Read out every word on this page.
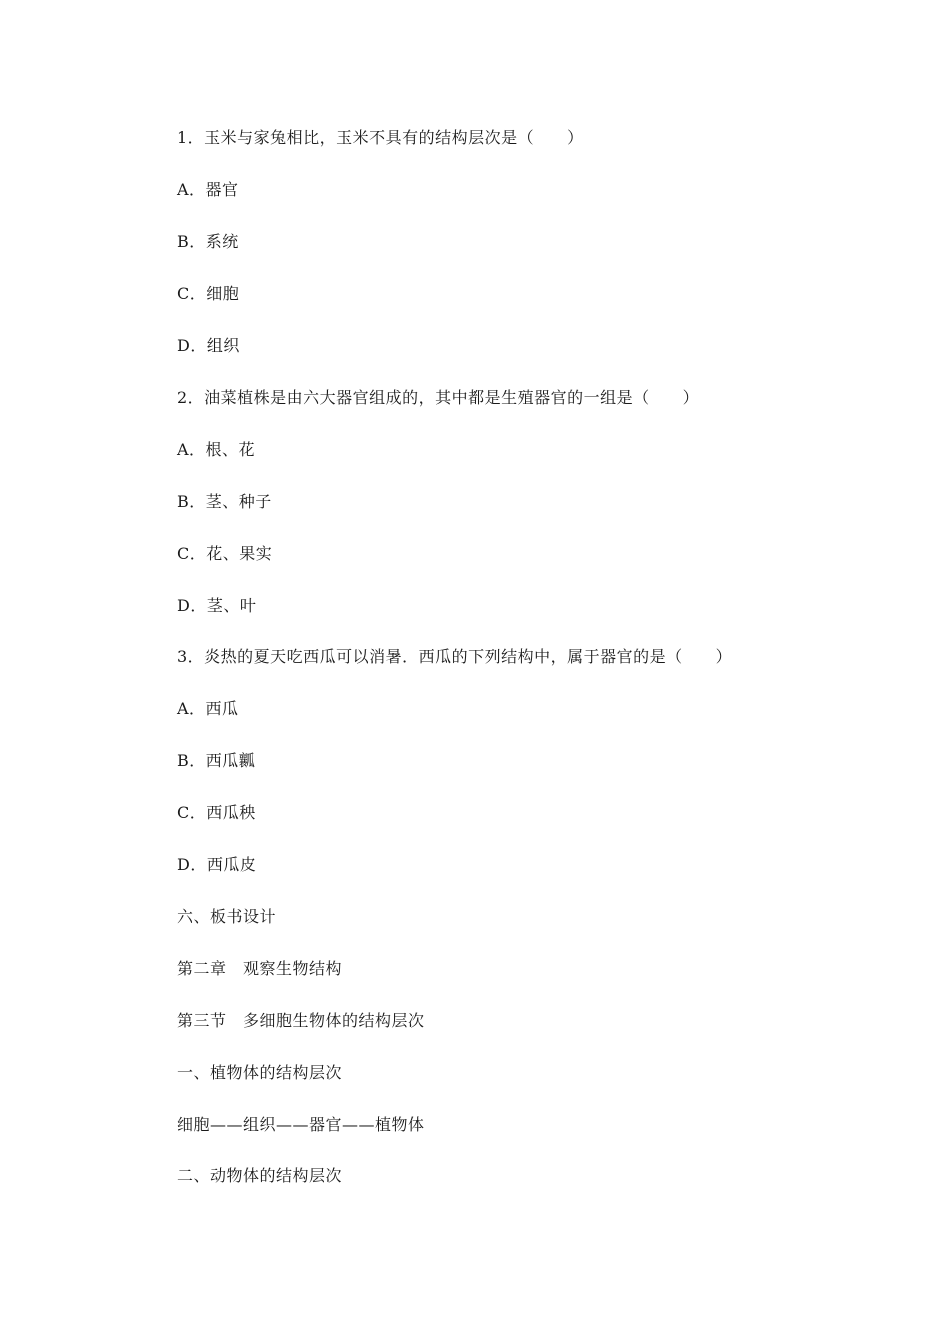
1．玉米与家兔相比，玉米不具有的结构层次是（　　）
A．器官
B．系统
C．细胞
D．组织
2．油菜植株是由六大器官组成的，其中都是生殖器官的一组是（　　）
A．根、花
B．茎、种子
C．花、果实
D．茎、叶
3．炎热的夏天吃西瓜可以消暑．西瓜的下列结构中，属于器官的是（　　）
A．西瓜
B．西瓜瓤
C．西瓜秧
D．西瓜皮
六、板书设计
第二章　观察生物结构
第三节　多细胞生物体的结构层次
一、植物体的结构层次
细胞——组织——器官——植物体
二、动物体的结构层次
